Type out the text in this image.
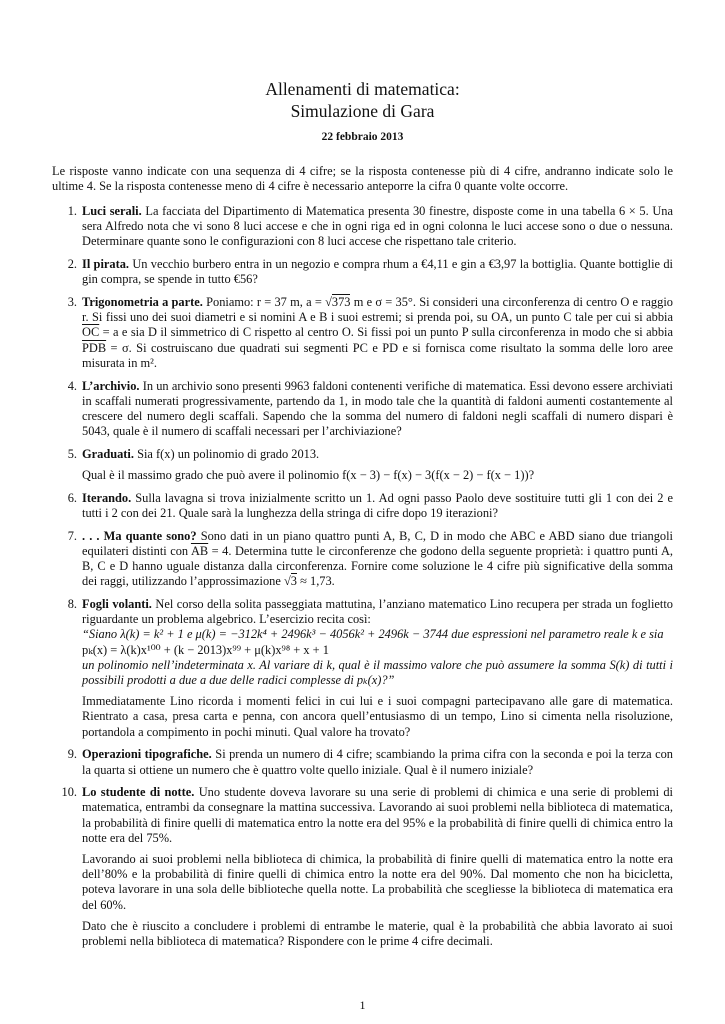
Allenamenti di matematica:
Simulazione di Gara
22 febbraio 2013
Le risposte vanno indicate con una sequenza di 4 cifre; se la risposta contenesse più di 4 cifre, andranno indicate solo le ultime 4. Se la risposta contenesse meno di 4 cifre è necessario anteporre la cifra 0 quante volte occorre.
1. Luci serali. La facciata del Dipartimento di Matematica presenta 30 finestre, disposte come in una tabella 6 × 5. Una sera Alfredo nota che vi sono 8 luci accese e che in ogni riga ed in ogni colonna le luci accese sono o due o nessuna. Determinare quante sono le configurazioni con 8 luci accese che rispettano tale criterio.

2. Il pirata. Un vecchio burbero entra in un negozio e compra rhum a €4,11 e gin a €3,97 la bottiglia. Quante bottiglie di gin compra, se spende in tutto €56?

3. Trigonometria a parte. Poniamo: r = 37 m, a = √373 m e σ = 35°. Si consideri una circonferenza di centro O e raggio r. Si fissi uno dei suoi diametri e si nomini A e B i suoi estremi; si prenda poi, su OA, un punto C tale per cui si abbia $\overline{OC} = a$ e sia D il simmetrico di C rispetto al centro O. Si fissi poi un punto P sulla circonferenza in modo che si abbia $\overline{PDB} = \sigma$. Si costruiscano due quadrati sui segmenti PC e PD e si fornisca come risultato la somma delle loro aree misurata in m².

4. L’archivio. In un archivio sono presenti 9963 faldoni contenenti verifiche di matematica. Essi devono essere archiviati in scaffali numerati progressivamente, partendo da 1, in modo tale che la quantità di faldoni aumenti costantemente al crescere del numero degli scaffali. Sapendo che la somma del numero di faldoni negli scaffali di numero dispari è 5043, quale è il numero di scaffali necessari per l’archiviazione?

5. Graduati. Sia f(x) un polinomio di grado 2013.

Qual è il massimo grado che può avere il polinomio f(x − 3) − f(x) − 3(f(x − 2) − f(x − 1))?

6. Iterando. Sulla lavagna si trova inizialmente scritto un 1. Ad ogni passo Paolo deve sostituire tutti gli 1 con dei 2 e tutti i 2 con dei 21. Quale sarà la lunghezza della stringa di cifre dopo 19 iterazioni?

7. . . . Ma quante sono? Sono dati in un piano quattro punti A, B, C, D in modo che ABC e ABD siano due triangoli equilateri distinti con $\overline{AB} = 4$. Determina tutte le circonferenze che godono della seguente proprietà: i quattro punti A, B, C e D hanno uguale distanza dalla circonferenza. Fornire come soluzione le 4 cifre più significative della somma dei raggi, utilizzando l’approssimazione √3 ≈ 1,73.

8. Fogli volanti. Nel corso della solita passeggiata mattutina, l’anziano matematico Lino recupera per strada un foglietto riguardante un problema algebrico. L’esercizio recita così:

“Siano λ(k) = k² + 1 e μ(k) = −312k⁴ + 2496k³ − 4056k² + 2496k − 3744 due espressioni nel parametro reale k e sia

pₖ(x) = λ(k)x¹⁰⁰ + (k − 2013)x⁹⁹ + μ(k)x⁹⁸ + x + 1

un polinomio nell’indeterminata x. Al variare di k, qual è il massimo valore che può assumere la somma S(k) di tutti i possibili prodotti a due a due delle radici complesse di pₖ(x)?”

Immediatamente Lino ricorda i momenti felici in cui lui e i suoi compagni partecipavano alle gare di matematica. Rientrato a casa, presa carta e penna, con ancora quell’entusiasmo di un tempo, Lino si cimenta nella risoluzione, portandola a compimento in pochi minuti. Qual valore ha trovato?

9. Operazioni tipografiche. Si prenda un numero di 4 cifre; scambiando la prima cifra con la seconda e poi la terza con la quarta si ottiene un numero che è quattro volte quello iniziale. Qual è il numero iniziale?

10. Lo studente di notte. Uno studente doveva lavorare su una serie di problemi di chimica e una serie di problemi di matematica, entrambi da consegnare la mattina successiva. Lavorando ai suoi problemi nella biblioteca di matematica, la probabilità di finire quelli di matematica entro la notte era del 95% e la probabilità di finire quelli di chimica entro la notte era del 75%.

Lavorando ai suoi problemi nella biblioteca di chimica, la probabilità di finire quelli di matematica entro la notte era dell’80% e la probabilità di finire quelli di chimica entro la notte era del 90%. Dal momento che non ha bicicletta, poteva lavorare in una sola delle biblioteche quella notte. La probabilità che scegliesse la biblioteca di matematica era del 60%.

Dato che è riuscito a concludere i problemi di entrambe le materie, qual è la probabilità che abbia lavorato ai suoi problemi nella biblioteca di matematica? Rispondere con le prime 4 cifre decimali.

1
